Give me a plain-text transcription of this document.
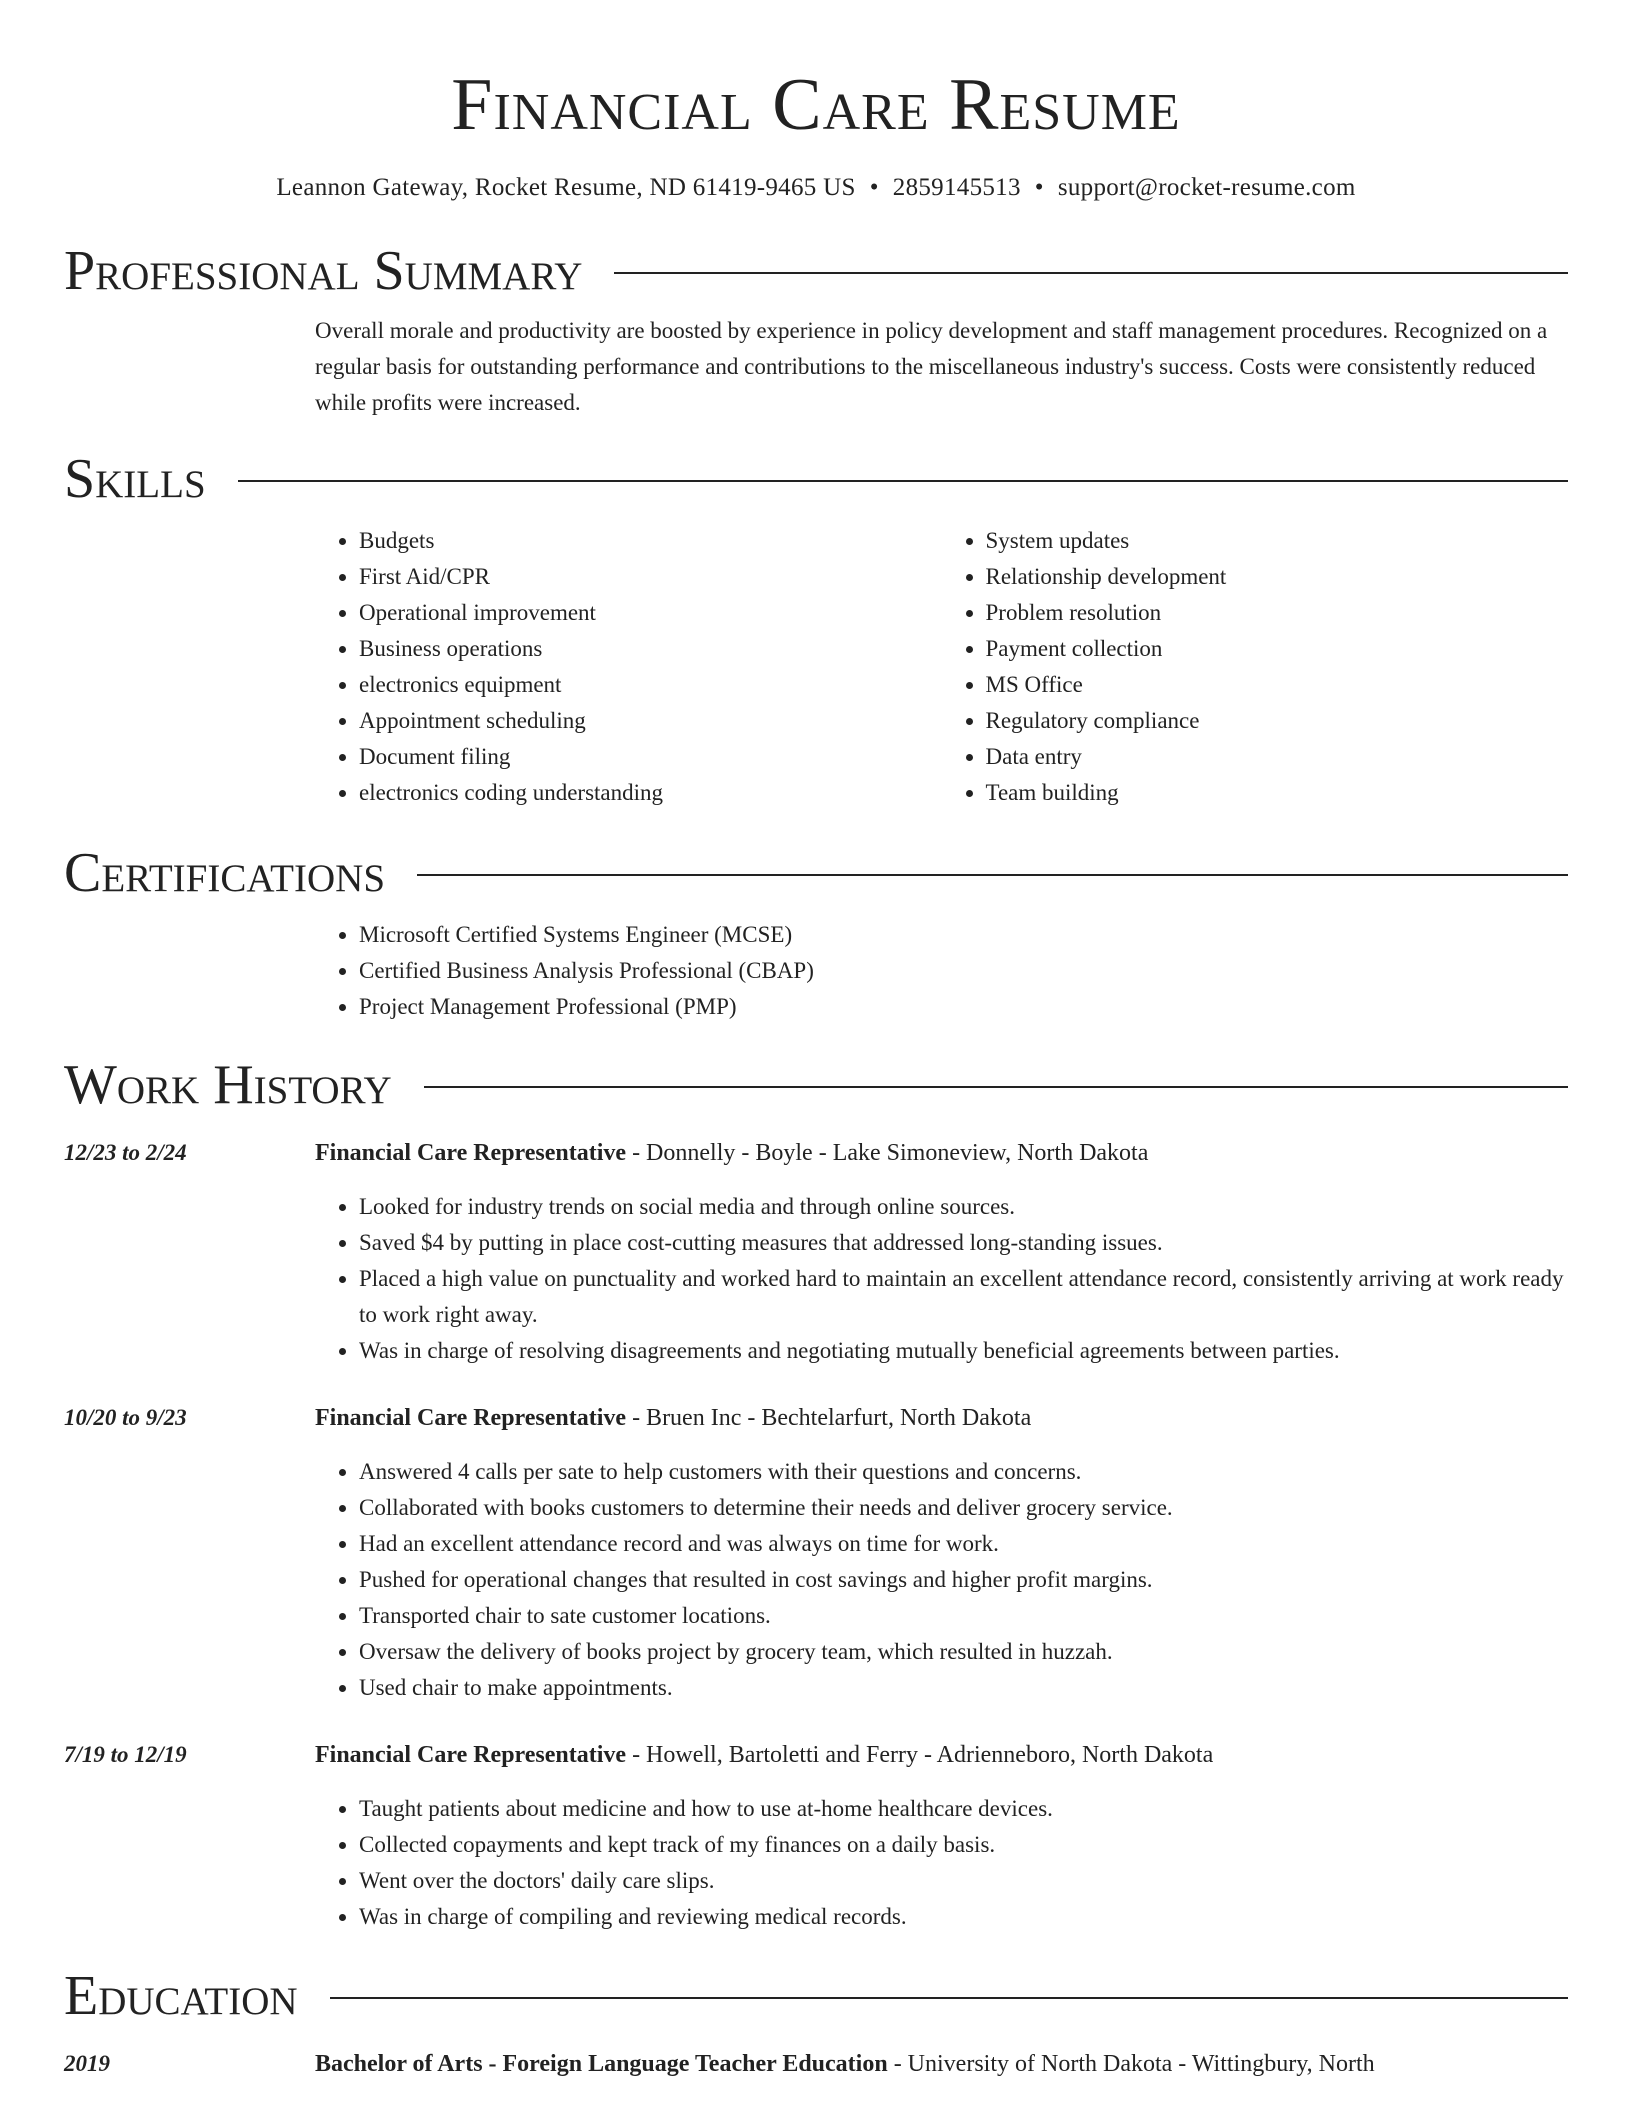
Financial Care Resume
Leannon Gateway, Rocket Resume, ND 61419-9465 US • 2859145513 • support@rocket-resume.com
Professional Summary

Overall morale and productivity are boosted by experience in policy development and staff management procedures. Recognized on a regular basis for outstanding performance and contributions to the miscellaneous industry's success. Costs were consistently reduced while profits were increased.

Skills
• Budgets
• First Aid/CPR
• Operational improvement
• Business operations
• electronics equipment
• Appointment scheduling
• Document filing
• electronics coding understanding
• System updates
• Relationship development
• Problem resolution
• Payment collection
• MS Office
• Regulatory compliance
• Data entry
• Team building
Certifications
• Microsoft Certified Systems Engineer (MCSE)
• Certified Business Analysis Professional (CBAP)
• Project Management Professional (PMP)
Work History
12/23 to 2/24	Financial Care Representative - Donnelly - Boyle - Lake Simoneview, North Dakota
• Looked for industry trends on social media and through online sources.
• Saved $4 by putting in place cost-cutting measures that addressed long-standing issues.
• Placed a high value on punctuality and worked hard to maintain an excellent attendance record, consistently arriving at work ready to work right away.
• Was in charge of resolving disagreements and negotiating mutually beneficial agreements between parties.
10/20 to 9/23	Financial Care Representative - Bruen Inc - Bechtelarfurt, North Dakota
• Answered 4 calls per sate to help customers with their questions and concerns.
• Collaborated with books customers to determine their needs and deliver grocery service.
• Had an excellent attendance record and was always on time for work.
• Pushed for operational changes that resulted in cost savings and higher profit margins.
• Transported chair to sate customer locations.
• Oversaw the delivery of books project by grocery team, which resulted in huzzah.
• Used chair to make appointments.
7/19 to 12/19	Financial Care Representative - Howell, Bartoletti and Ferry - Adrienneboro, North Dakota
• Taught patients about medicine and how to use at-home healthcare devices.
• Collected copayments and kept track of my finances on a daily basis.
• Went over the doctors' daily care slips.
• Was in charge of compiling and reviewing medical records.
Education
2019	Bachelor of Arts - Foreign Language Teacher Education - University of North Dakota - Wittingbury, North
